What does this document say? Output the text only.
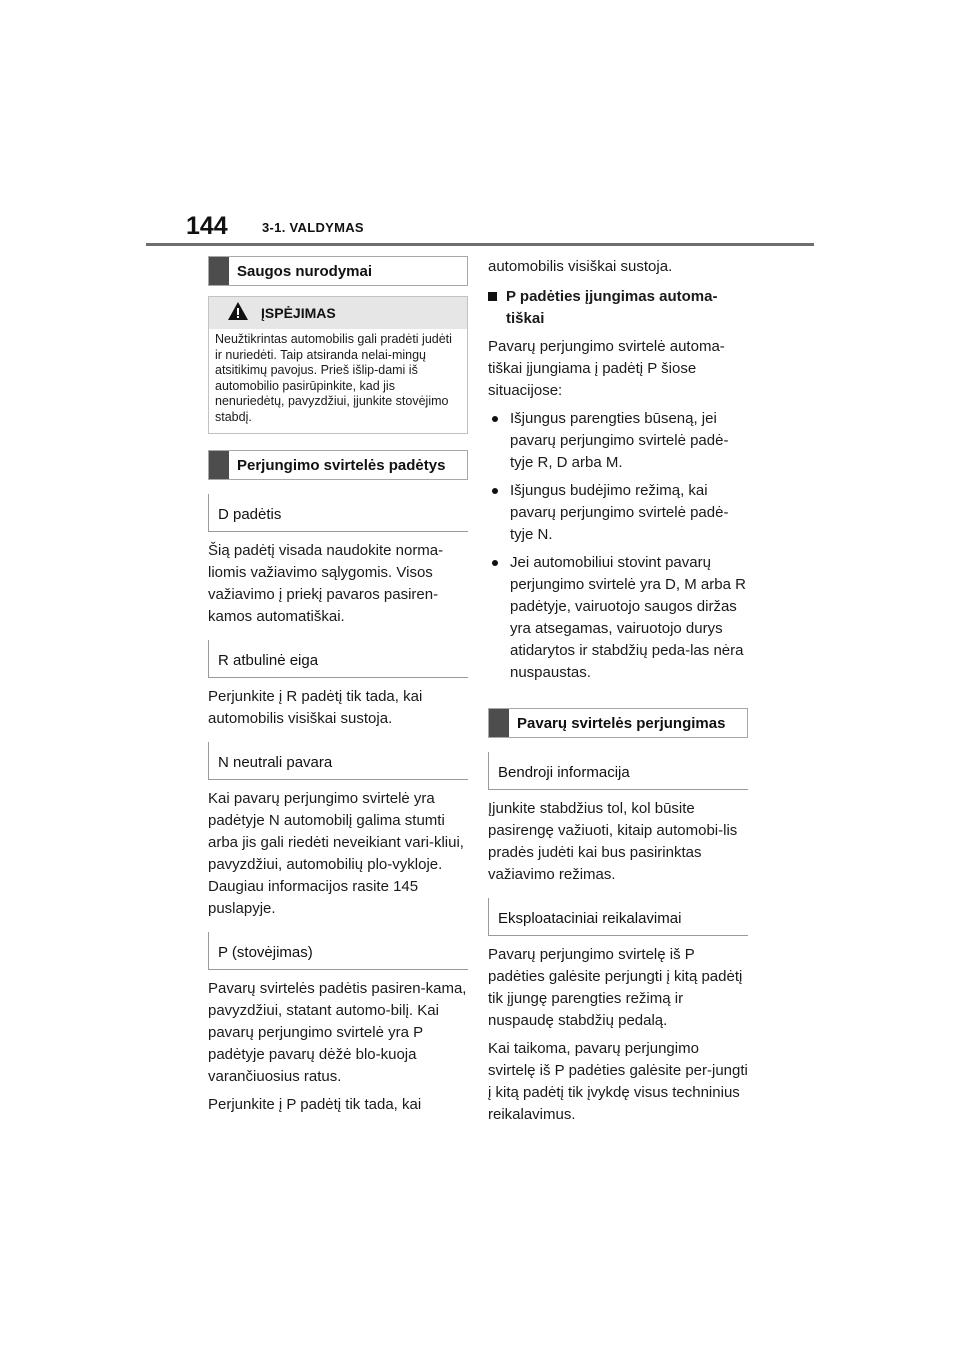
144	3-1. VALDYMAS
Saugos nurodymai
ĮSPĖJIMAS
Neužtikrintas automobilis gali pradėti judėti ir nuriedėti. Taip atsiranda nelai-mingų atsitikimų pavojus. Prieš išlip-dami iš automobilio pasirūpinkite, kad jis nenuriedėtų, pavyzdžiui, įjunkite stovėjimo stabdį.
Perjungimo svirtelės padėtys
D padėtis
Šią padėtį visada naudokite norma-liomis važiavimo sąlygomis. Visos važiavimo į priekį pavaros pasiren-kamos automatiškai.
R atbulinė eiga
Perjunkite į R padėtį tik tada, kai automobilis visiškai sustoja.
N neutrali pavara
Kai pavarų perjungimo svirtelė yra padėtyje N automobilį galima stumti arba jis gali riedėti neveikiant vari-kliui, pavyzdžiui, automobilių plo-vykloje. Daugiau informacijos rasite 145 puslapyje.
P (stovėjimas)
Pavarų svirtelės padėtis pasiren-kama, pavyzdžiui, statant automo-bilį. Kai pavarų perjungimo svirtelė yra P padėtyje pavarų dėžė blo-kuoja varančiuosius ratus.
Perjunkite į P padėtį tik tada, kai
automobilis visiškai sustoja.
P padėties įjungimas automa-tiškai
Pavarų perjungimo svirtelė automa-tiškai įjungiama į padėtį P šiose situacijose:
Išjungus parengties būseną, jei pavarų perjungimo svirtelė padė-tyje R, D arba M.
Išjungus budėjimo režimą, kai pavarų perjungimo svirtelė padė-tyje N.
Jei automobiliui stovint pavarų perjungimo svirtelė yra D, M arba R padėtyje, vairuotojo saugos diržas yra atsegamas, vairuotojo durys atidarytos ir stabdžių peda-las nėra nuspaustas.
Pavarų svirtelės perjungimas
Bendroji informacija
Įjunkite stabdžius tol, kol būsite pasirengę važiuoti, kitaip automobi-lis pradės judėti kai bus pasirinktas važiavimo režimas.
Eksploataciniai reikalavimai
Pavarų perjungimo svirtelę iš P padėties galėsite perjungti į kitą padėtį tik įjungę parengties režimą ir nuspaudę stabdžių pedalą.
Kai taikoma, pavarų perjungimo svirtelę iš P padėties galėsite per-jungti į kitą padėtį tik įvykdę visus techninius reikalavimus.
